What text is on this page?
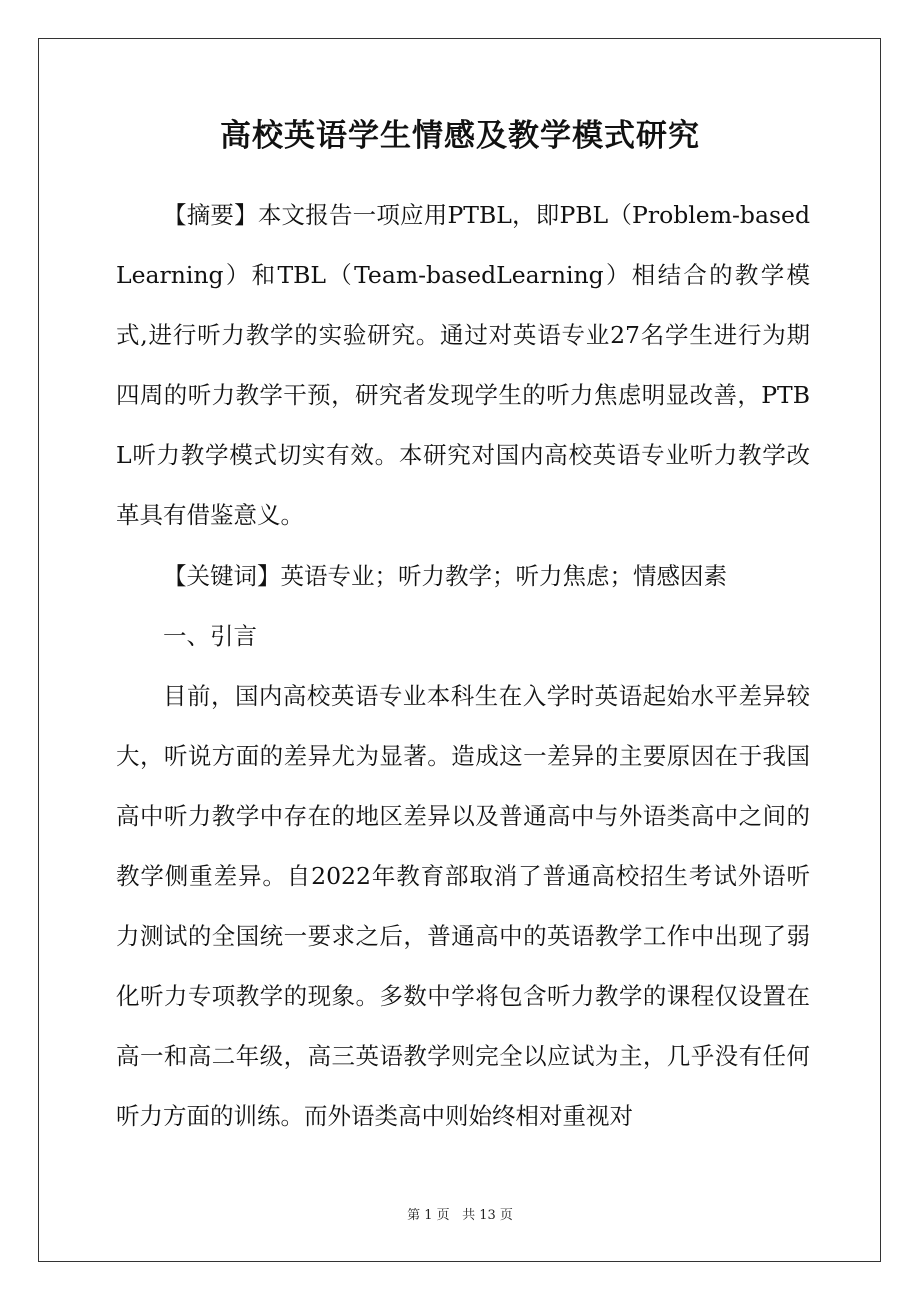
高校英语学生情感及教学模式研究

【摘要】本文报告一项应用PTBL，即PBL（Problem-basedLearning）和TBL（Team-basedLearning）相结合的教学模式,进行听力教学的实验研究。通过对英语专业27名学生进行为期四周的听力教学干预，研究者发现学生的听力焦虑明显改善，PTBL听力教学模式切实有效。本研究对国内高校英语专业听力教学改革具有借鉴意义。

【关键词】英语专业；听力教学；听力焦虑；情感因素

一、引言

目前，国内高校英语专业本科生在入学时英语起始水平差异较大，听说方面的差异尤为显著。造成这一差异的主要原因在于我国高中听力教学中存在的地区差异以及普通高中与外语类高中之间的教学侧重差异。自2022年教育部取消了普通高校招生考试外语听力测试的全国统一要求之后，普通高中的英语教学工作中出现了弱化听力专项教学的现象。多数中学将包含听力教学的课程仅设置在高一和高二年级，高三英语教学则完全以应试为主，几乎没有任何听力方面的训练。而外语类高中则始终相对重视对

第 1 页 共 13 页
